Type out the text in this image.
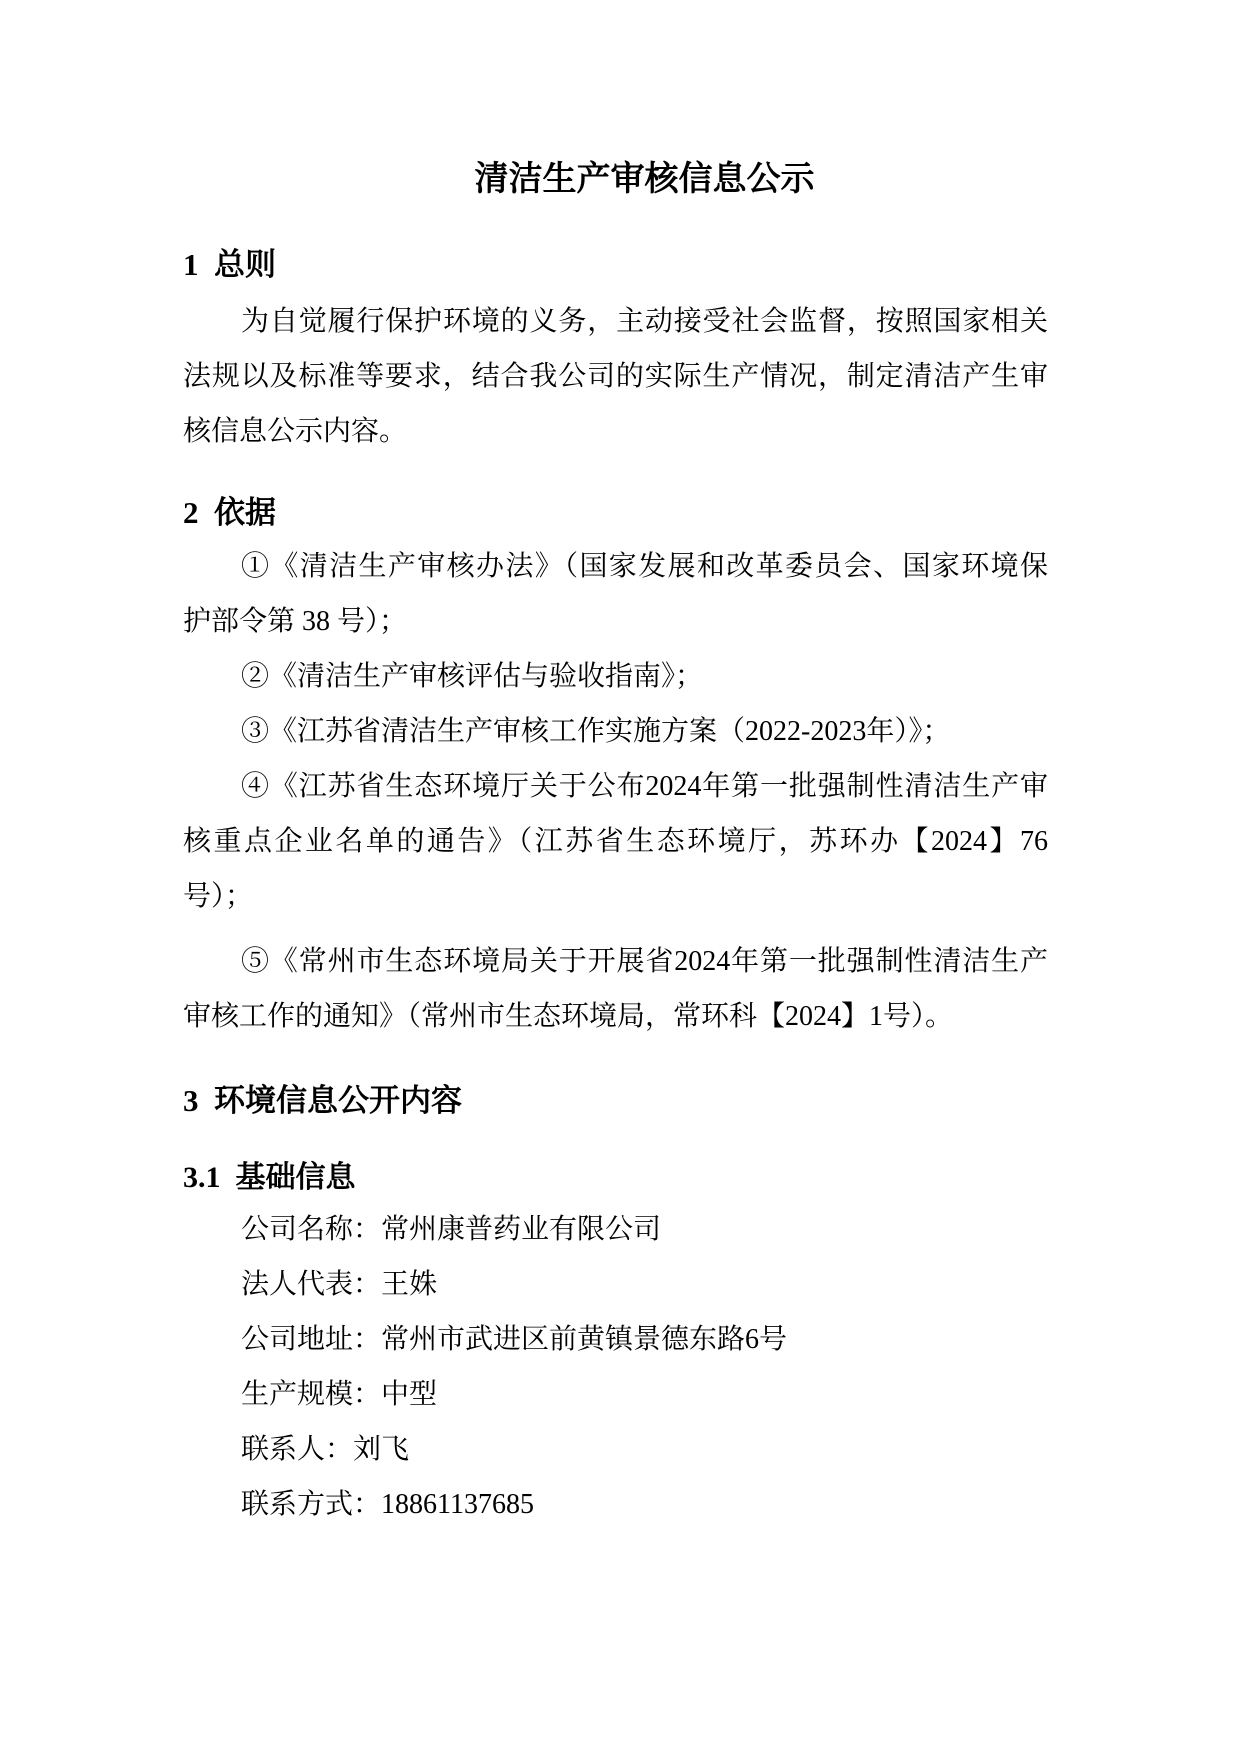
清洁生产审核信息公示
1  总则
为自觉履行保护环境的义务，主动接受社会监督，按照国家相关
法规以及标准等要求，结合我公司的实际生产情况，制定清洁产生审
核信息公示内容。
2  依据
①《清洁生产审核办法》（国家发展和改革委员会、国家环境保
护部令第 38 号）；
②《清洁生产审核评估与验收指南》；
③《江苏省清洁生产审核工作实施方案（2022-2023年）》；
④《江苏省生态环境厅关于公布2024年第一批强制性清洁生产审
核重点企业名单的通告》（江苏省生态环境厅，苏环办【2024】76
号）；
⑤《常州市生态环境局关于开展省2024年第一批强制性清洁生产
审核工作的通知》（常州市生态环境局，常环科【2024】1号）。
3  环境信息公开内容
3.1  基础信息
公司名称：常州康普药业有限公司
法人代表：王姝
公司地址：常州市武进区前黄镇景德东路6号
生产规模：中型
联系人：刘飞
联系方式：18861137685
